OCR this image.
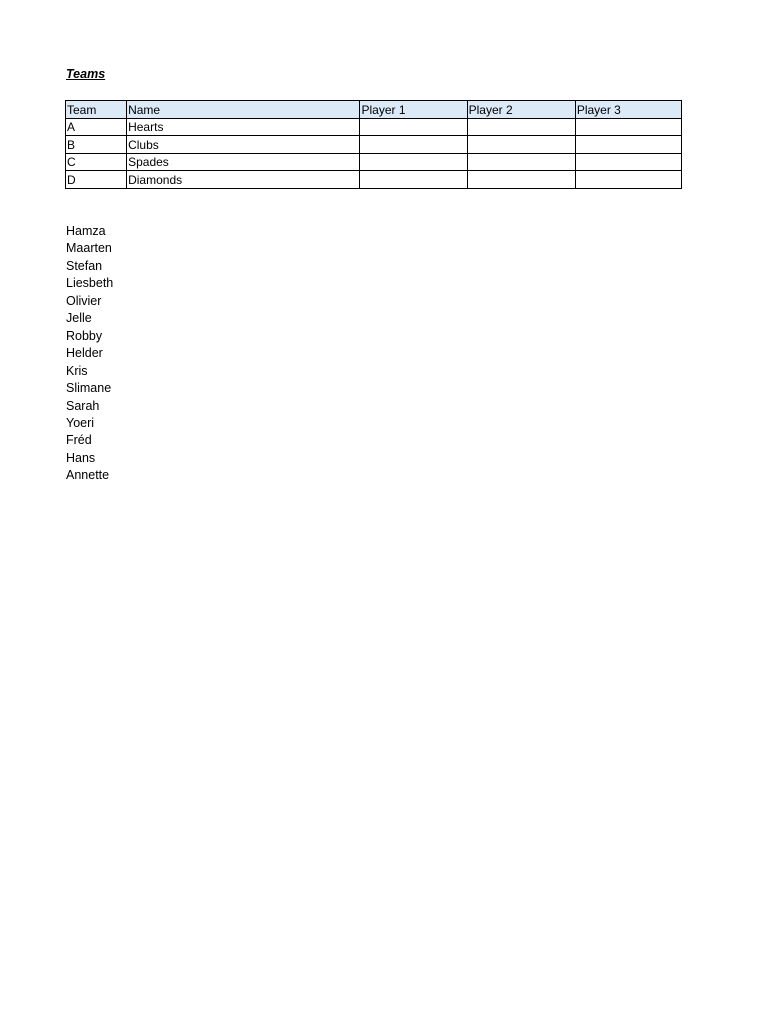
Teams
Team	Name	Player 1	Player 2	Player 3
A	Hearts			
B	Clubs			
C	Spades			
D	Diamonds			
Hamza
Maarten
Stefan
Liesbeth
Olivier
Jelle
Robby
Helder
Kris
Slimane
Sarah
Yoeri
Fréd
Hans
Annette
